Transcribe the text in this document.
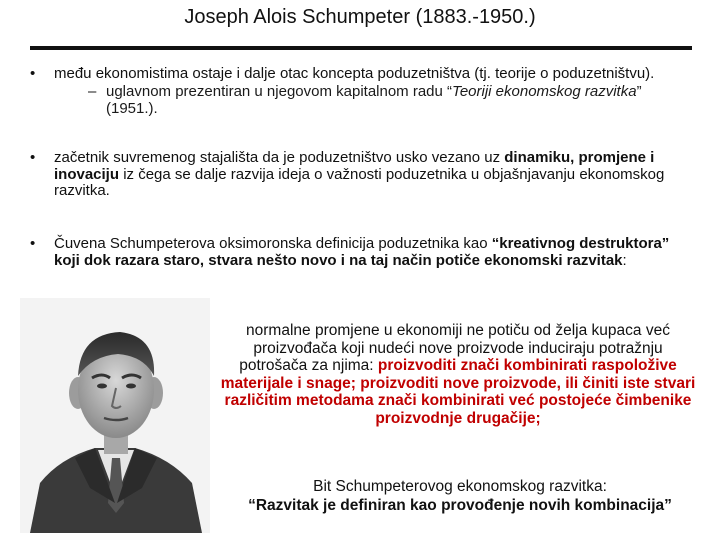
Joseph Alois Schumpeter (1883.-1950.)
• među ekonomistima ostaje i dalje otac koncepta poduzetništva (tj. teorije o poduzetništvu).
– uglavnom prezentiran u njegovom kapitalnom radu “Teoriji ekonomskog razvitka” (1951.).
• začetnik suvremenog stajališta da je poduzetništvo usko vezano uz dinamiku, promjene i inovaciju iz čega se dalje razvija ideja o važnosti poduzetnika u objašnjavanju ekonomskog razvitka.
• Čuvena Schumpeterova oksimoronska definicija poduzetnika kao “kreativnog destruktora” koji dok razara staro, stvara nešto novo i na taj način potiče ekonomski razvitak:
normalne promjene u ekonomiji ne potiču od želja kupaca već proizvođača koji nudeći nove proizvode induciraju potražnju potrošača za njima: proizvoditi znači kombinirati raspoložive materijale i snage; proizvoditi nove proizvode, ili činiti iste stvari različitim metodama znači kombinirati već postojeće čimbenike proizvodnje drugačije;
Bit Schumpeterovog ekonomskog razvitka:
“Razvitak je definiran kao provođenje novih kombinacija”
